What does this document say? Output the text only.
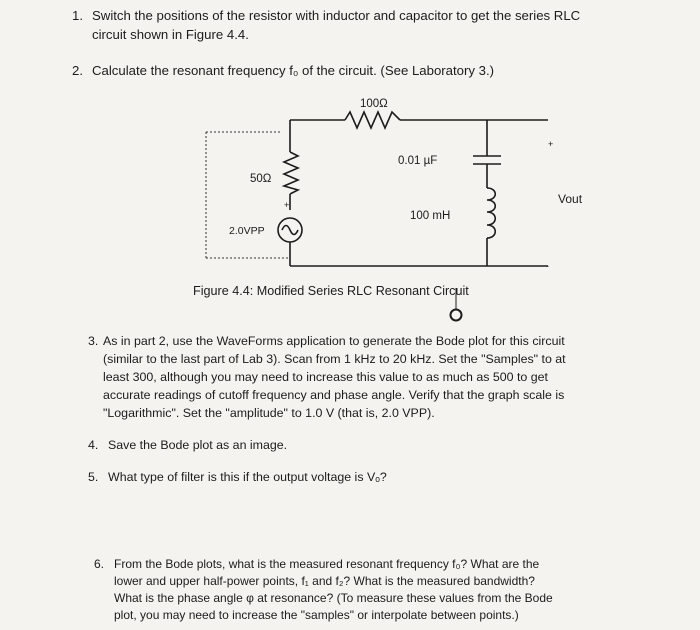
1. Switch the positions of the resistor with inductor and capacitor to get the series RLC
circuit shown in Figure 4.4.
2. Calculate the resonant frequency f₀ of the circuit. (See Laboratory 3.)
100Ω
50Ω
2.0VPP
+
0.01 µF
100 mH
+
Vout
-
Figure 4.4: Modified Series RLC Resonant Circuit
3. As in part 2, use the WaveForms application to generate the Bode plot for this circuit
(similar to the last part of Lab 3). Scan from 1 kHz to 20 kHz. Set the "Samples" to at
least 300, although you may need to increase this value to as much as 500 to get
accurate readings of cutoff frequency and phase angle. Verify that the graph scale is
"Logarithmic". Set the "amplitude" to 1.0 V (that is, 2.0 VPP).
4. Save the Bode plot as an image.
5. What type of filter is this if the output voltage is Vₒ?
6. From the Bode plots, what is the measured resonant frequency f₀? What are the
lower and upper half-power points, f₁ and f₂? What is the measured bandwidth?
What is the phase angle φ at resonance? (To measure these values from the Bode
plot, you may need to increase the "samples" or interpolate between points.)
